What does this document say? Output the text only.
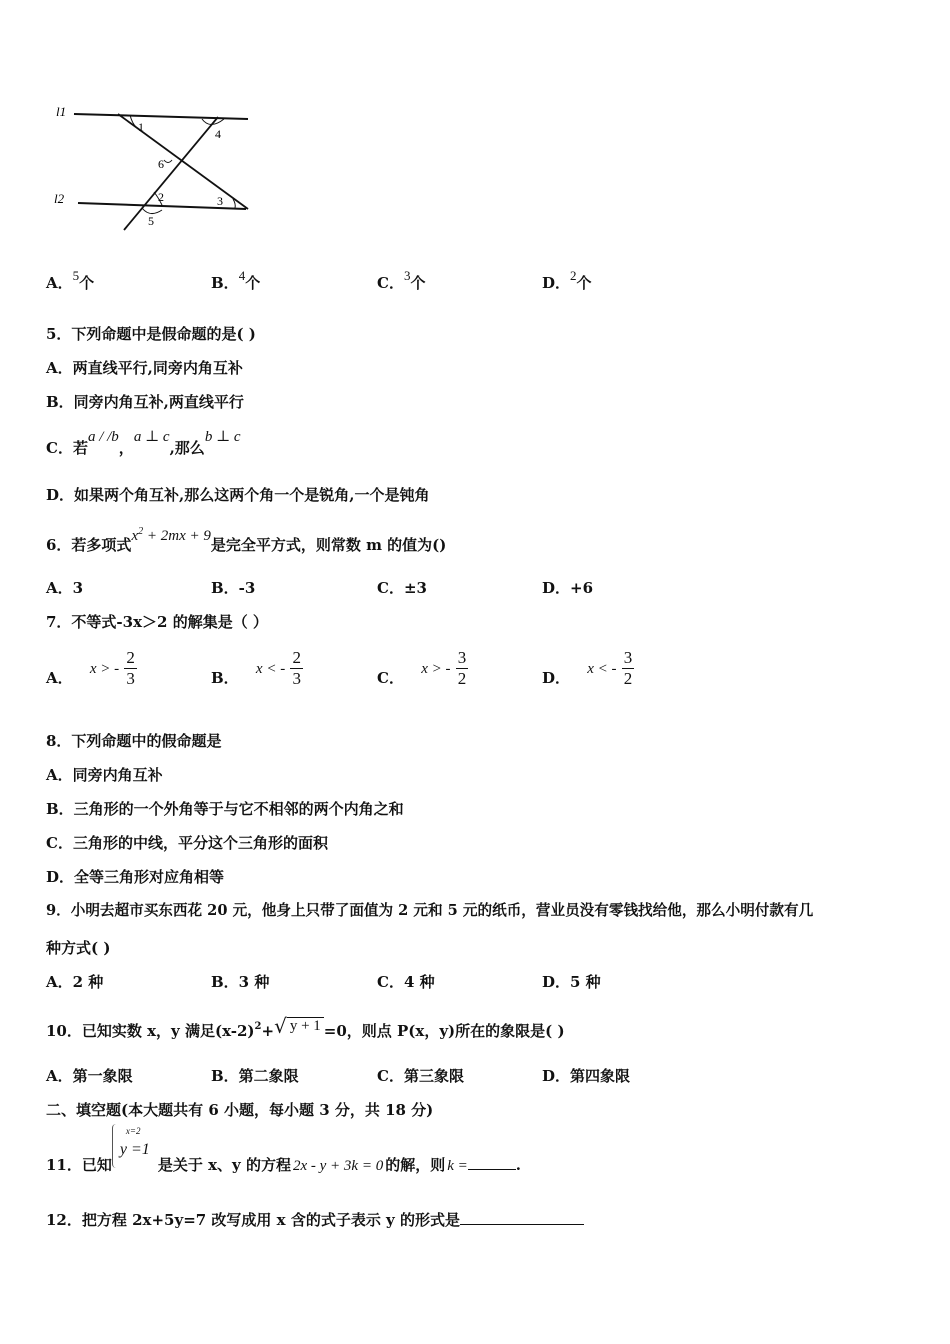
l1
l2
1
2	3
4
5
6
A．5个	B．4个	C．3个	D．2个
5．下列命题中是假命题的是( )
A．两直线平行,同旁内角互补
B．同旁内角互补,两直线平行
C．若a / /b，a ⊥ c,那么b ⊥ c
D．如果两个角互补,那么这两个角一个是锐角,一个是钝角
6．若多项式$x^2 + 2mx + 9$是完全平方式，则常数 m 的值为()
A．3	B．-3	C．±3	D．+6
7．不等式-3x＞2 的解集是（ ）
A． x > - $\frac{2}{3}$	B． x < - $\frac{2}{3}$	C． x > - $\frac{3}{2}$	D． x < - $\frac{3}{2}$
8．下列命题中的假命题是
A．同旁内角互补
B．三角形的一个外角等于与它不相邻的两个内角之和
C．三角形的中线，平分这个三角形的面积
D．全等三角形对应角相等
9．小明去超市买东西花 20 元，他身上只带了面值为 2 元和 5 元的纸币，营业员没有零钱找给他，那么小明付款有几
种方式( )
A．2 种	B．3 种	C．4 种	D．5 种
10．已知实数 x，y 满足$(x-2)^2+√$ y + 1 =0，则点 P(x，y)所在的象限是( )
A．第一象限	B．第二象限	C．第三象限	D．第四象限
二、填空题(本大题共有 6 小题，每小题 3 分，共 18 分)
11．已知
x=2
y =1
是关于 x、y 的方程 2x - y + 3k = 0 的解，则 k =	.
12．把方程 2x+5y=7 改写成用 x 含的式子表示 y 的形式是
